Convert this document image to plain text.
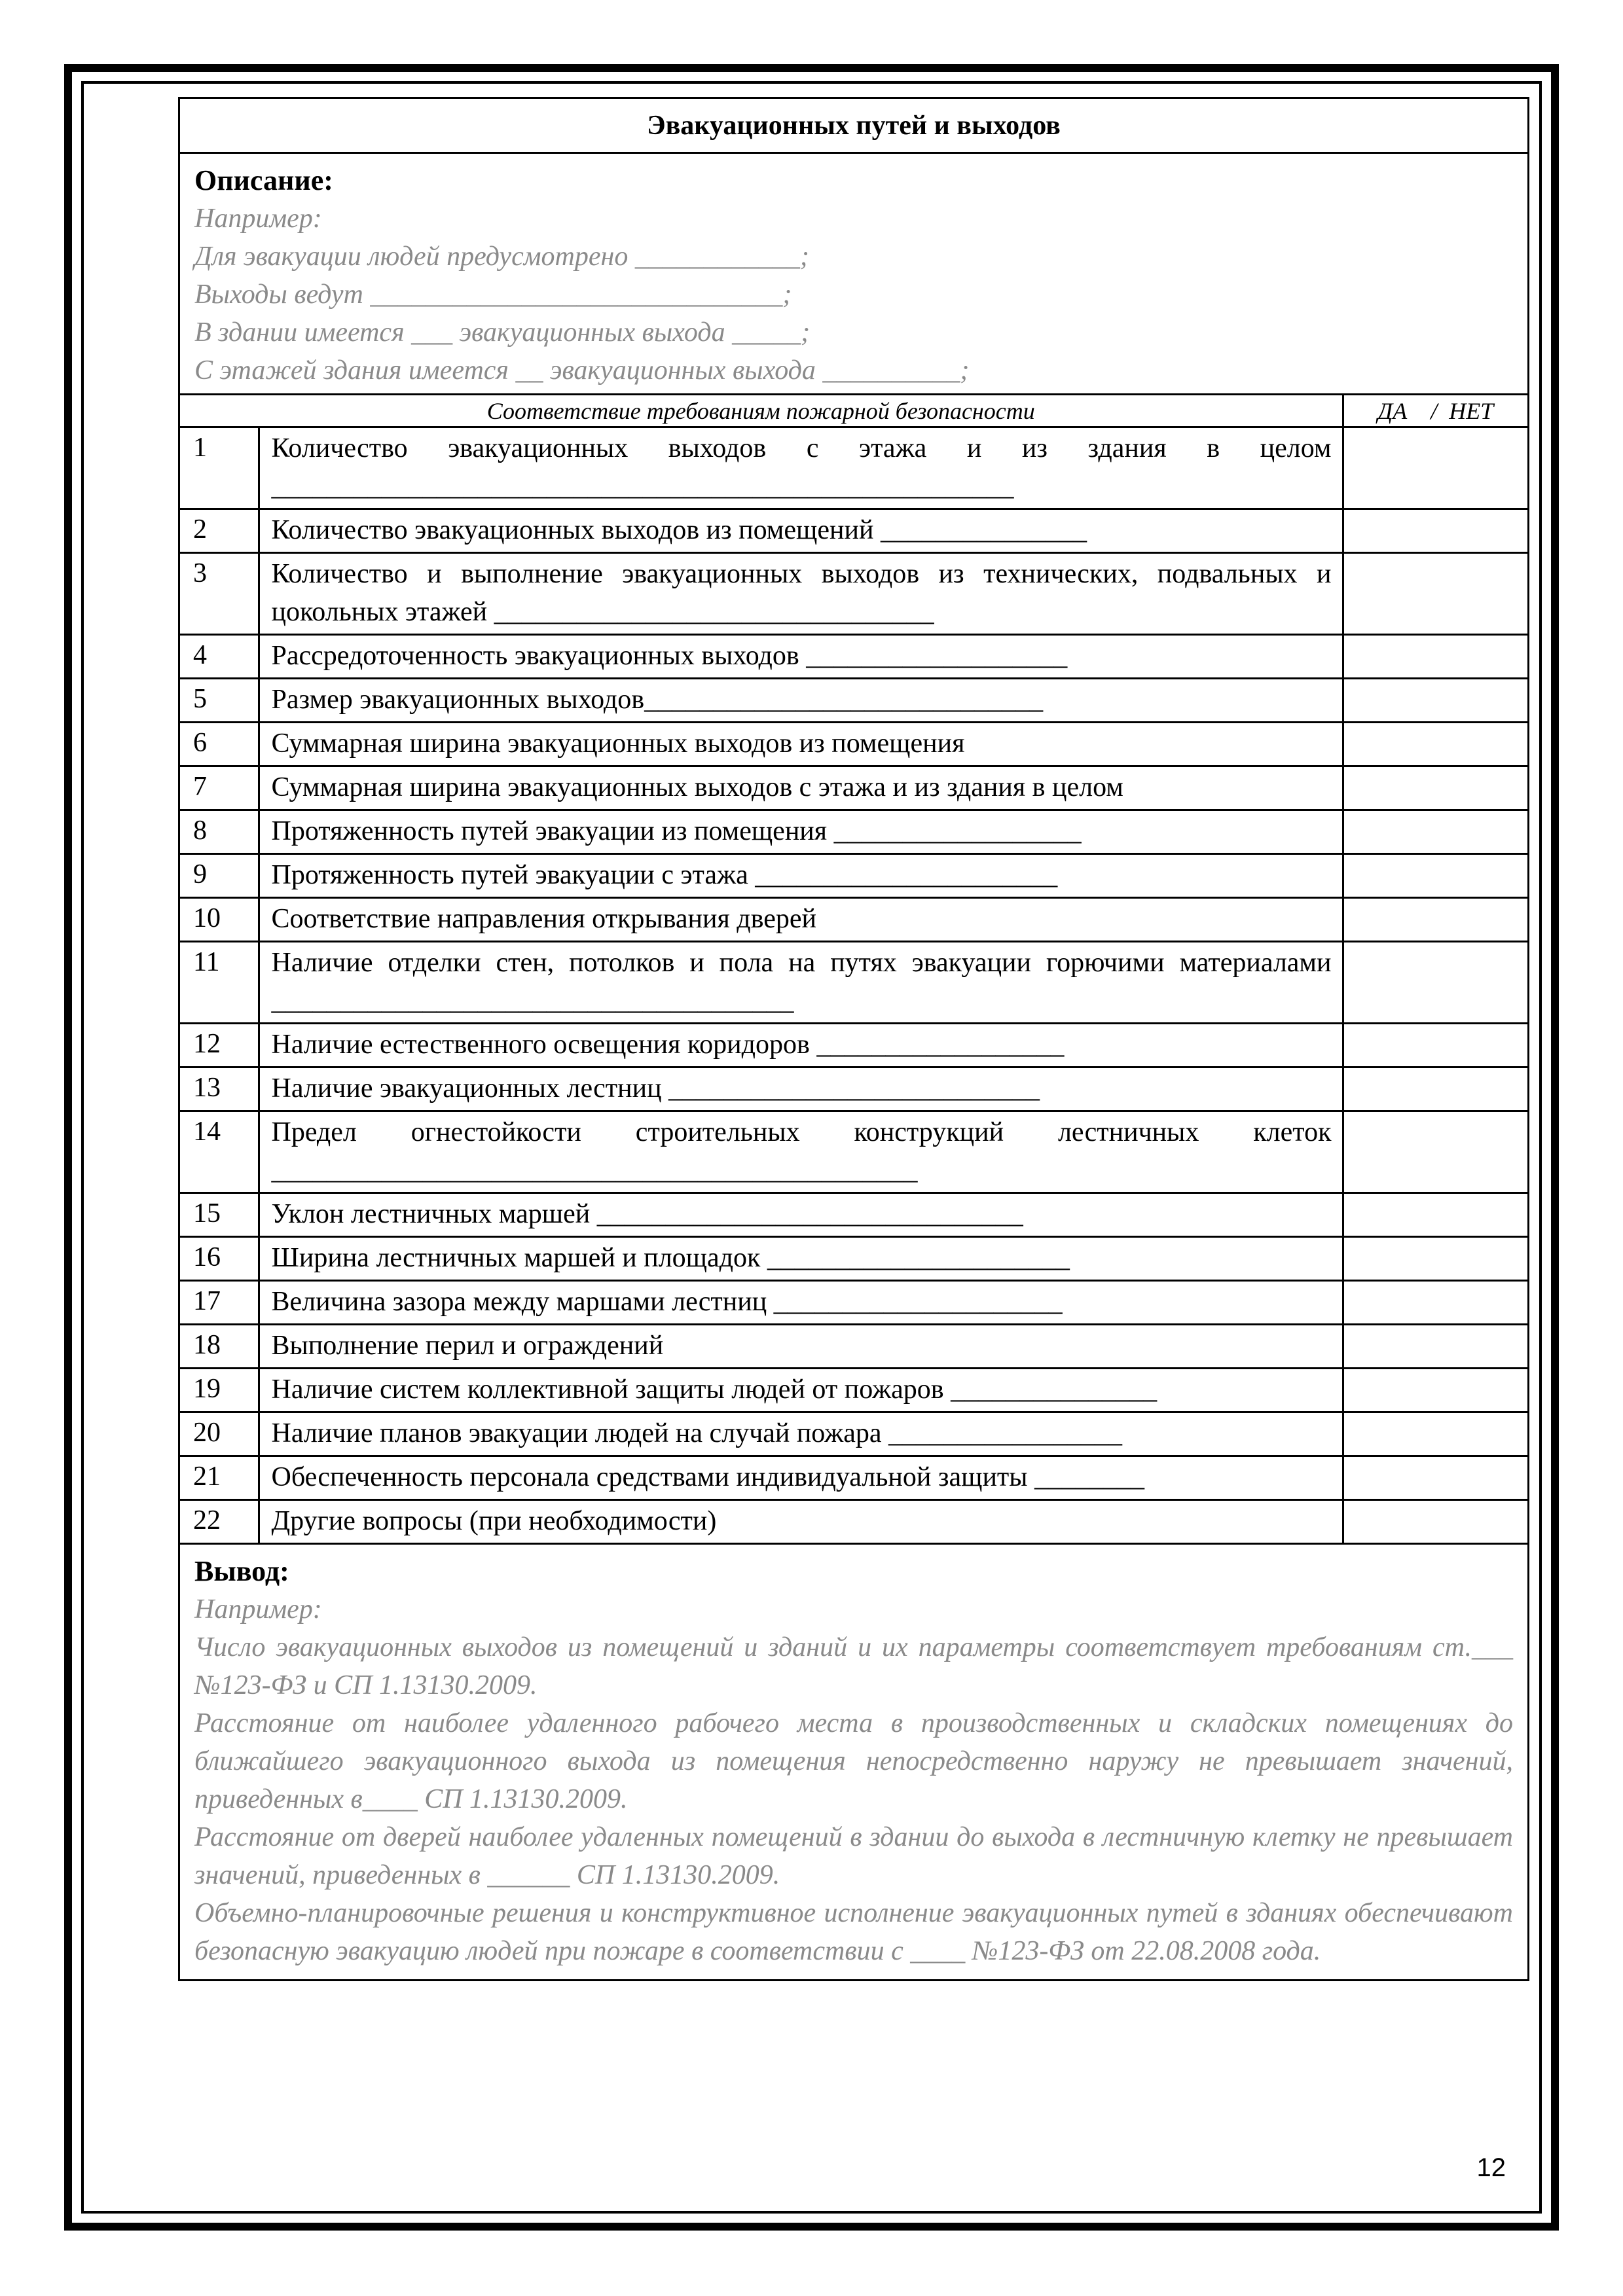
Эвакуационных путей и выходов
Описание:
Например:
Для эвакуации людей предусмотрено ____________;
Выходы ведут ______________________________;
В здании имеется ___ эвакуационных выхода _____;
С этажей здания имеется __ эвакуационных выхода __________;
Соответствие требованиям пожарной безопасности		ДА    /  НЕТ
1	Количество эвакуационных выходов с этажа и из здания в целом ______________________________________________________	
2	Количество эвакуационных выходов из помещений _______________	
3	Количество и выполнение эвакуационных выходов из технических, подвальных и цокольных этажей ________________________________	
4	Рассредоточенность эвакуационных выходов ___________________	
5	Размер эвакуационных выходов_____________________________	
6	Суммарная ширина эвакуационных выходов из помещения	
7	Суммарная ширина эвакуационных выходов с этажа и из здания в целом	
8	Протяженность путей эвакуации из помещения __________________	
9	Протяженность путей эвакуации с этажа ______________________	
10	Соответствие направления открывания дверей	
11	Наличие отделки стен, потолков и пола на путях эвакуации горючими материалами ______________________________________	
12	Наличие естественного освещения коридоров __________________	
13	Наличие эвакуационных лестниц ___________________________	
14	Предел огнестойкости строительных конструкций лестничных клеток _______________________________________________	
15	Уклон лестничных маршей _______________________________	
16	Ширина лестничных маршей и площадок ______________________	
17	Величина зазора между маршами лестниц _____________________	
18	Выполнение перил и ограждений	
19	Наличие систем коллективной защиты людей от пожаров _______________	
20	Наличие планов эвакуации людей на случай пожара _________________	
21	Обеспеченность персонала средствами индивидуальной защиты ________	
22	Другие вопросы (при необходимости)	
Вывод:
Например:
Число эвакуационных выходов из помещений и зданий и их параметры соответствует требованиям ст.___ №123-ФЗ и СП 1.13130.2009.
Расстояние от наиболее удаленного рабочего места в производственных и складских помещениях до ближайшего эвакуационного выхода из помещения непосредственно наружу не превышает значений, приведенных в____ СП 1.13130.2009.
Расстояние от дверей наиболее удаленных помещений в здании до выхода в лестничную клетку не превышает значений, приведенных в ______ СП 1.13130.2009.
Объемно-планировочные решения и конструктивное исполнение эвакуационных путей в зданиях обеспечивают безопасную эвакуацию людей при пожаре в соответствии с ____ №123-ФЗ от 22.08.2008 года.
12
